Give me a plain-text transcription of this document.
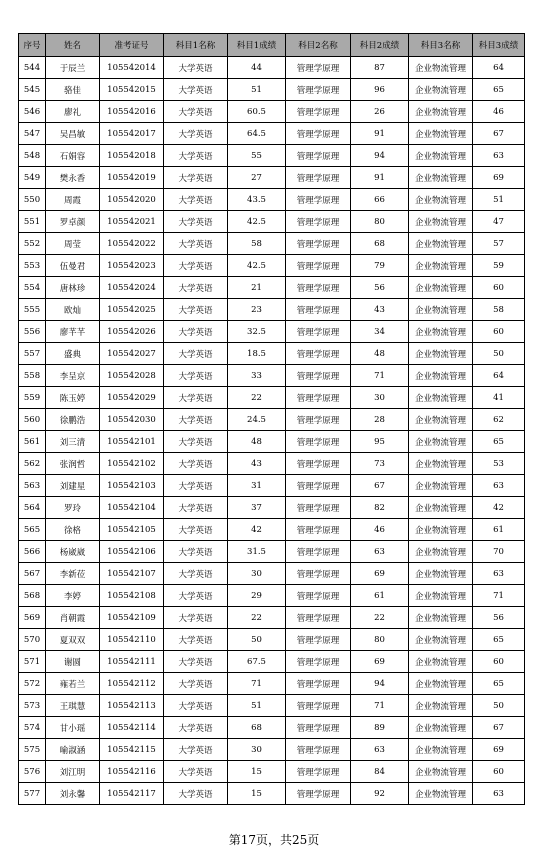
序号	姓名	准考证号	科目1名称	科目1成绩	科目2名称	科目2成绩	科目3名称	科目3成绩
544	于辰兰	105542014	大学英语	44	管理学原理	87	企业物流管理	64
545	骆佳	105542015	大学英语	51	管理学原理	96	企业物流管理	65
546	廖礼	105542016	大学英语	60.5	管理学原理	26	企业物流管理	46
547	吴昌敏	105542017	大学英语	64.5	管理学原理	91	企业物流管理	67
548	石娟容	105542018	大学英语	55	管理学原理	94	企业物流管理	63
549	樊永香	105542019	大学英语	27	管理学原理	91	企业物流管理	69
550	周霞	105542020	大学英语	43.5	管理学原理	66	企业物流管理	51
551	罗卓颜	105542021	大学英语	42.5	管理学原理	80	企业物流管理	47
552	周莹	105542022	大学英语	58	管理学原理	68	企业物流管理	57
553	伍曼君	105542023	大学英语	42.5	管理学原理	79	企业物流管理	59
554	唐林珍	105542024	大学英语	21	管理学原理	56	企业物流管理	60
555	欧灿	105542025	大学英语	23	管理学原理	43	企业物流管理	58
556	廖芊芊	105542026	大学英语	32.5	管理学原理	34	企业物流管理	60
557	盛典	105542027	大学英语	18.5	管理学原理	48	企业物流管理	50
558	李呈京	105542028	大学英语	33	管理学原理	71	企业物流管理	64
559	陈玉婷	105542029	大学英语	22	管理学原理	30	企业物流管理	41
560	徐鹏浩	105542030	大学英语	24.5	管理学原理	28	企业物流管理	62
561	刘三清	105542101	大学英语	48	管理学原理	95	企业物流管理	65
562	张润哲	105542102	大学英语	43	管理学原理	73	企业物流管理	53
563	刘建星	105542103	大学英语	31	管理学原理	67	企业物流管理	63
564	罗玲	105542104	大学英语	37	管理学原理	82	企业物流管理	42
565	徐格	105542105	大学英语	42	管理学原理	46	企业物流管理	61
566	杨崴崴	105542106	大学英语	31.5	管理学原理	63	企业物流管理	70
567	李新莅	105542107	大学英语	30	管理学原理	69	企业物流管理	63
568	李婷	105542108	大学英语	29	管理学原理	61	企业物流管理	71
569	肖朝霞	105542109	大学英语	22	管理学原理	22	企业物流管理	56
570	夏双双	105542110	大学英语	50	管理学原理	80	企业物流管理	65
571	谢圆	105542111	大学英语	67.5	管理学原理	69	企业物流管理	60
572	雍若兰	105542112	大学英语	71	管理学原理	94	企业物流管理	65
573	王琪慧	105542113	大学英语	51	管理学原理	71	企业物流管理	50
574	甘小瑶	105542114	大学英语	68	管理学原理	89	企业物流管理	67
575	喻淑涵	105542115	大学英语	30	管理学原理	63	企业物流管理	69
576	刘江明	105542116	大学英语	15	管理学原理	84	企业物流管理	60
577	刘永馨	105542117	大学英语	15	管理学原理	92	企业物流管理	63
第17页，共25页
